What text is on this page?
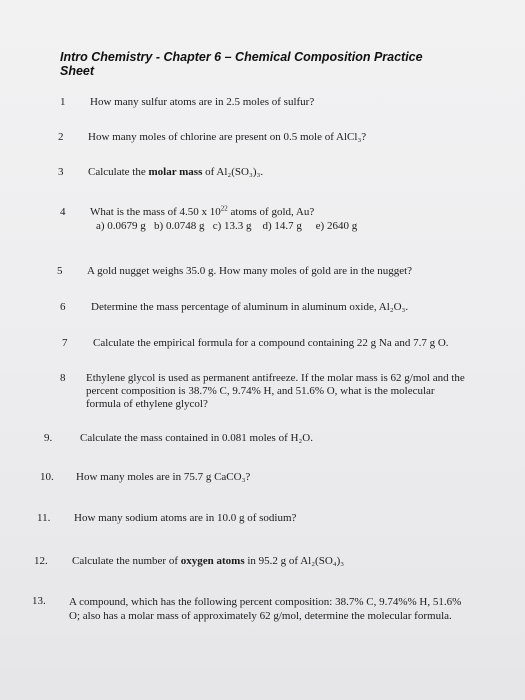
Intro Chemistry - Chapter 6 – Chemical Composition Practice Sheet
1 How many sulfur atoms are in 2.5 moles of sulfur?
2 How many moles of chlorine are present on 0.5 mole of AlCl₃?
3 Calculate the molar mass of Al₂(SO₃)₃.
4 What is the mass of 4.50 x $10^{22}$ atoms of gold, Au?
a) 0.0679 g   b) 0.0748 g   c) 13.3 g    d) 14.7 g     e) 2640 g
5 A gold nugget weighs 35.0 g. How many moles of gold are in the nugget?
6 Determine the mass percentage of aluminum in aluminum oxide, Al₂O₃.
7 Calculate the empirical formula for a compound containing 22 g Na and 7.7 g O.
8 Ethylene glycol is used as permanent antifreeze. If the molar mass is 62 g/mol and the percent composition is 38.7% C, 9.74% H, and 51.6% O, what is the molecular formula of ethylene glycol?
9.	Calculate the mass contained in 0.081 moles of H₂O.
10. How many moles are in 75.7 g CaCO₃?
11. How many sodium atoms are in 10.0 g of sodium?
12. Calculate the number of oxygen atoms in 95.2 g of Al₂(SO₄)₃
13. A compound, which has the following percent composition: 38.7% C, 9.74%% H, 51.6% O; also has a molar mass of approximately 62 g/mol, determine the molecular formula.
